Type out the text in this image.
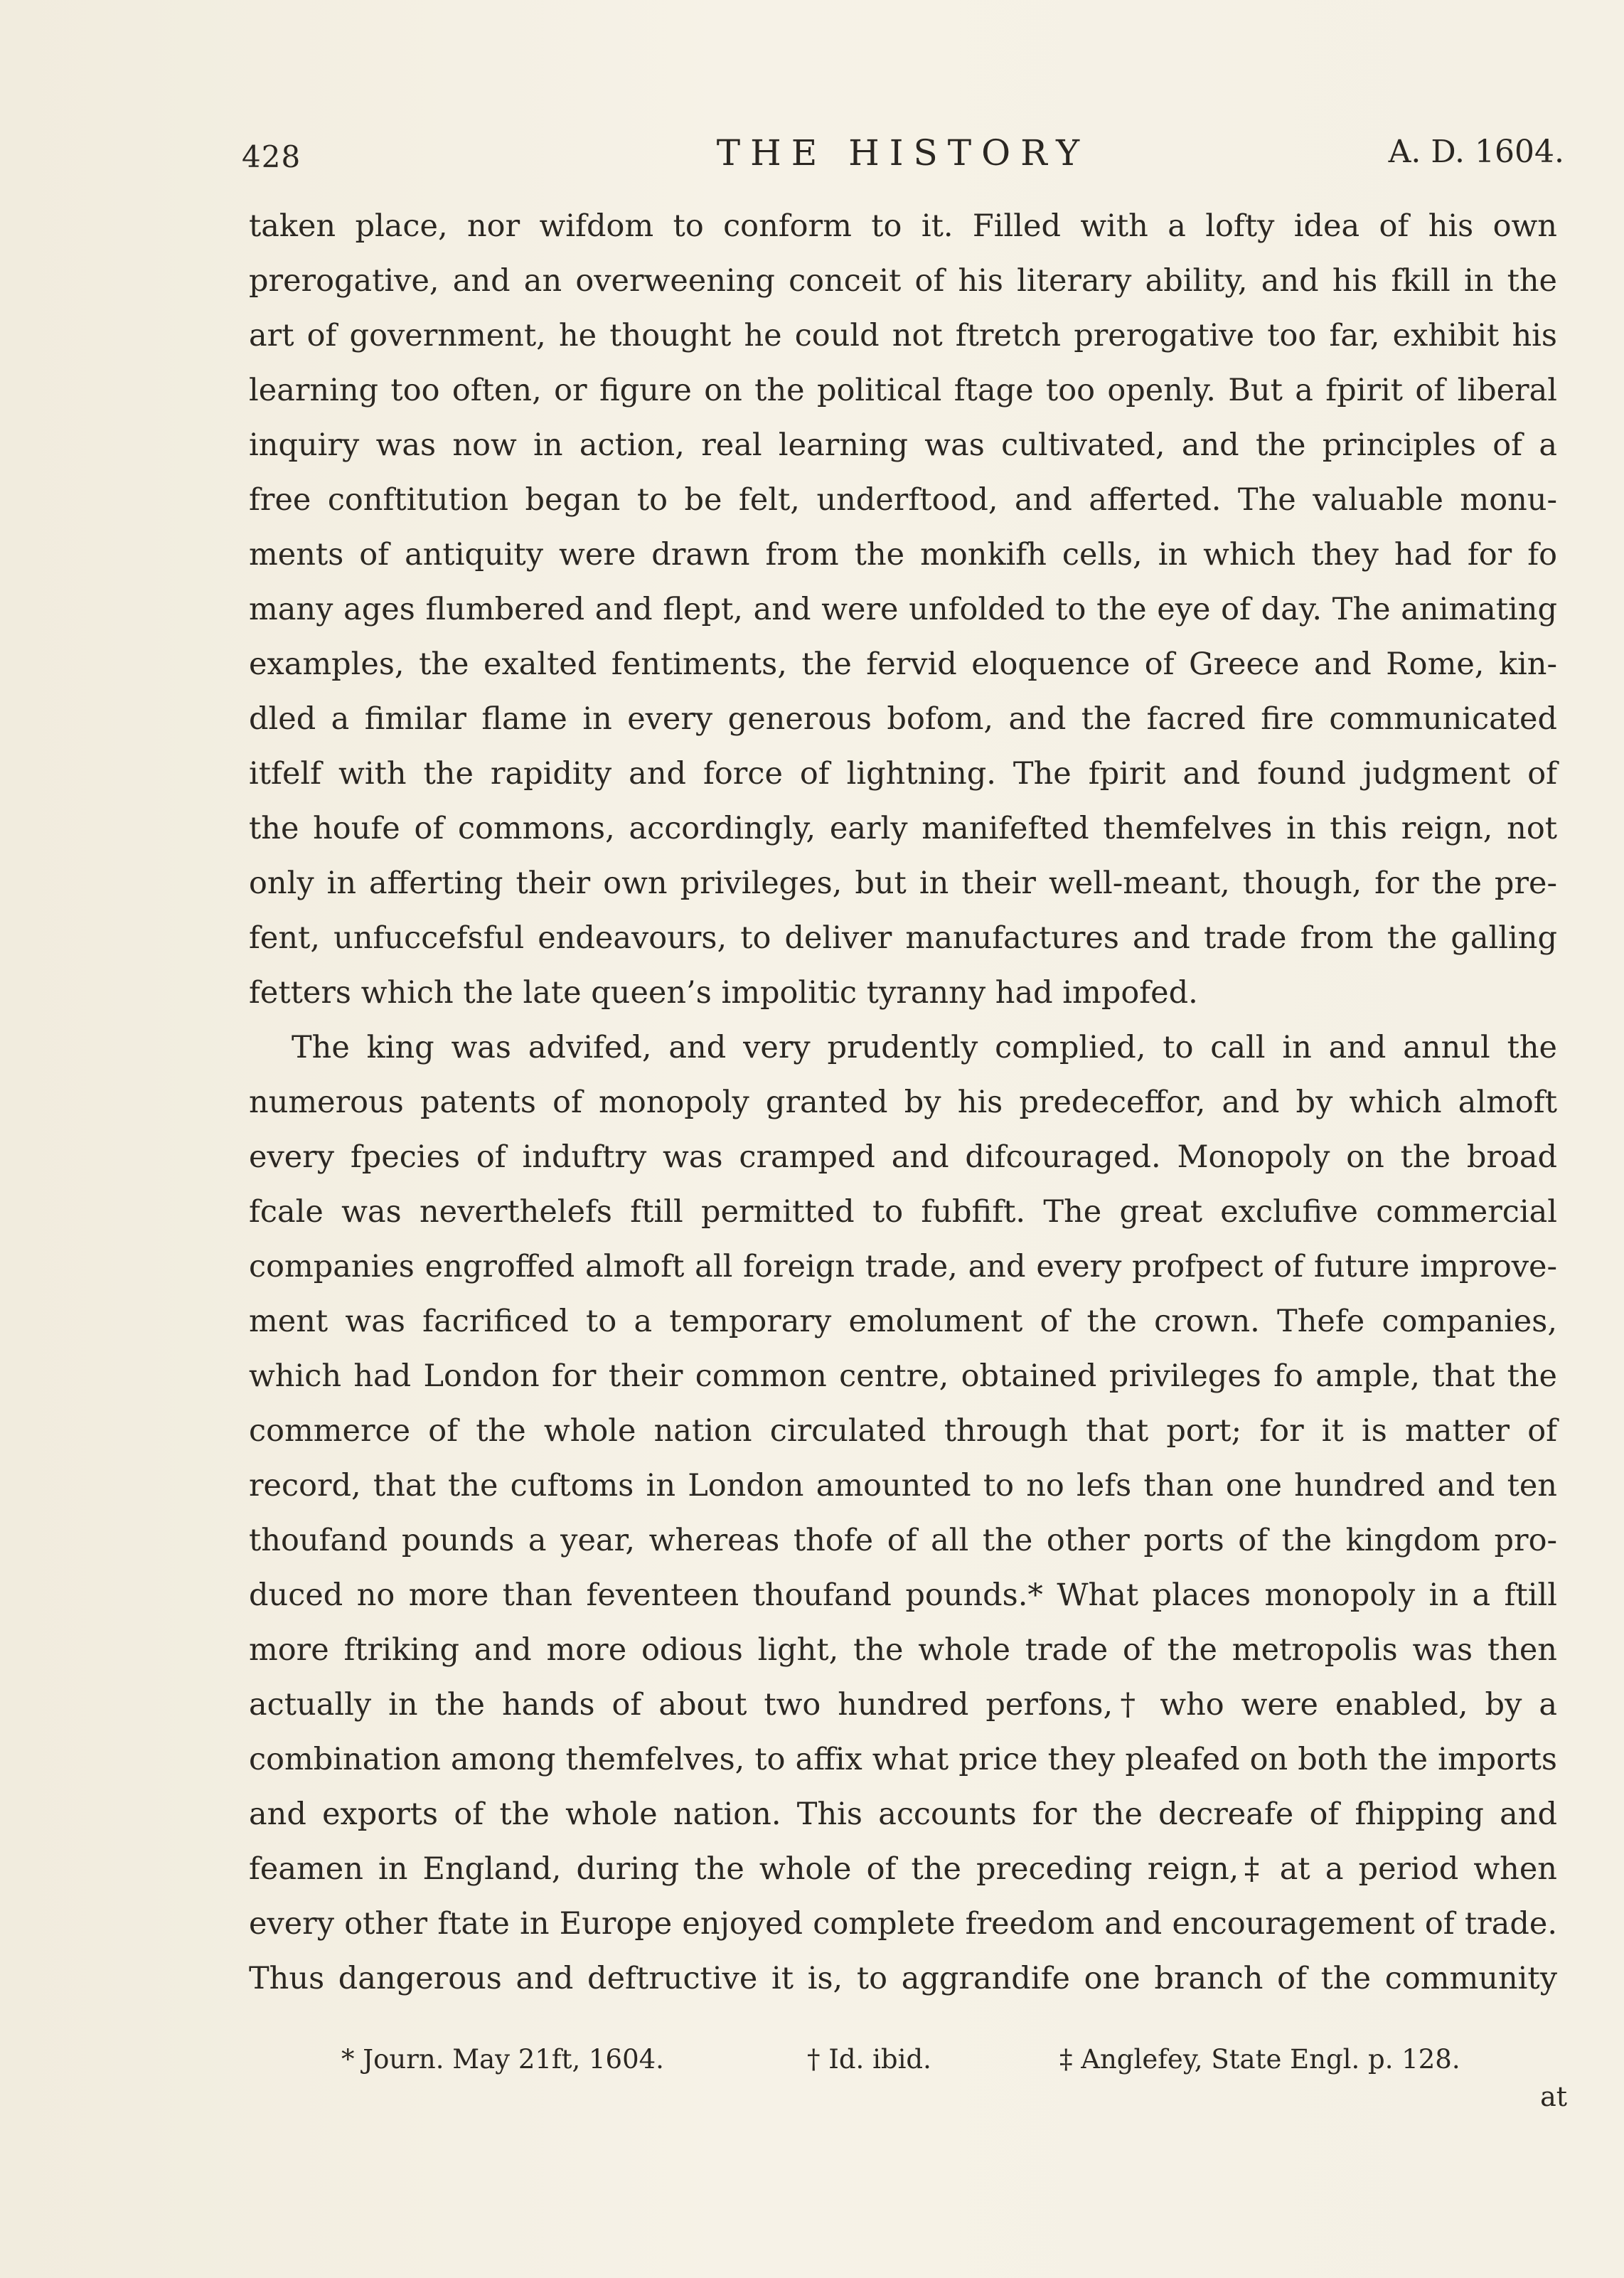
428	THE HISTORY	A. D. 1604.
taken place, nor wifdom to conform to it. Filled with a lofty idea of his own
prerogative, and an overweening conceit of his literary ability, and his fkill in the
art of government, he thought he could not ftretch prerogative too far, exhibit his
learning too often, or figure on the political ftage too openly. But a fpirit of liberal
inquiry was now in action, real learning was cultivated, and the principles of a
free conftitution began to be felt, underftood, and afferted. The valuable monu-
ments of antiquity were drawn from the monkifh cells, in which they had for fo
many ages flumbered and flept, and were unfolded to the eye of day. The animating
examples, the exalted fentiments, the fervid eloquence of Greece and Rome, kin-
dled a fimilar flame in every generous bofom, and the facred fire communicated
itfelf with the rapidity and force of lightning. The fpirit and found judgment of
the houfe of commons, accordingly, early manifefted themfelves in this reign, not
only in afferting their own privileges, but in their well-meant, though, for the pre-
fent, unfuccefsful endeavours, to deliver manufactures and trade from the galling
fetters which the late queen’s impolitic tyranny had impofed.
The king was advifed, and very prudently complied, to call in and annul the
numerous patents of monopoly granted by his predeceffor, and by which almoft
every fpecies of induftry was cramped and difcouraged. Monopoly on the broad
fcale was neverthelefs ftill permitted to fubfift. The great exclufive commercial
companies engroffed almoft all foreign trade, and every profpect of future improve-
ment was facrificed to a temporary emolument of the crown. Thefe companies,
which had London for their common centre, obtained privileges fo ample, that the
commerce of the whole nation circulated through that port; for it is matter of
record, that the cuftoms in London amounted to no lefs than one hundred and ten
thoufand pounds a year, whereas thofe of all the other ports of the kingdom pro-
duced no more than feventeen thoufand pounds.* What places monopoly in a ftill
more ftriking and more odious light, the whole trade of the metropolis was then
actually in the hands of about two hundred perfons,† who were enabled, by a
combination among themfelves, to affix what price they pleafed on both the imports
and exports of the whole nation. This accounts for the decreafe of fhipping and
feamen in England, during the whole of the preceding reign,‡ at a period when
every other ftate in Europe enjoyed complete freedom and encouragement of trade.
Thus dangerous and deftructive it is, to aggrandife one branch of the community
* Journ. May 21ft, 1604.	† Id. ibid.	‡ Anglefey, State Engl. p. 128.
at
